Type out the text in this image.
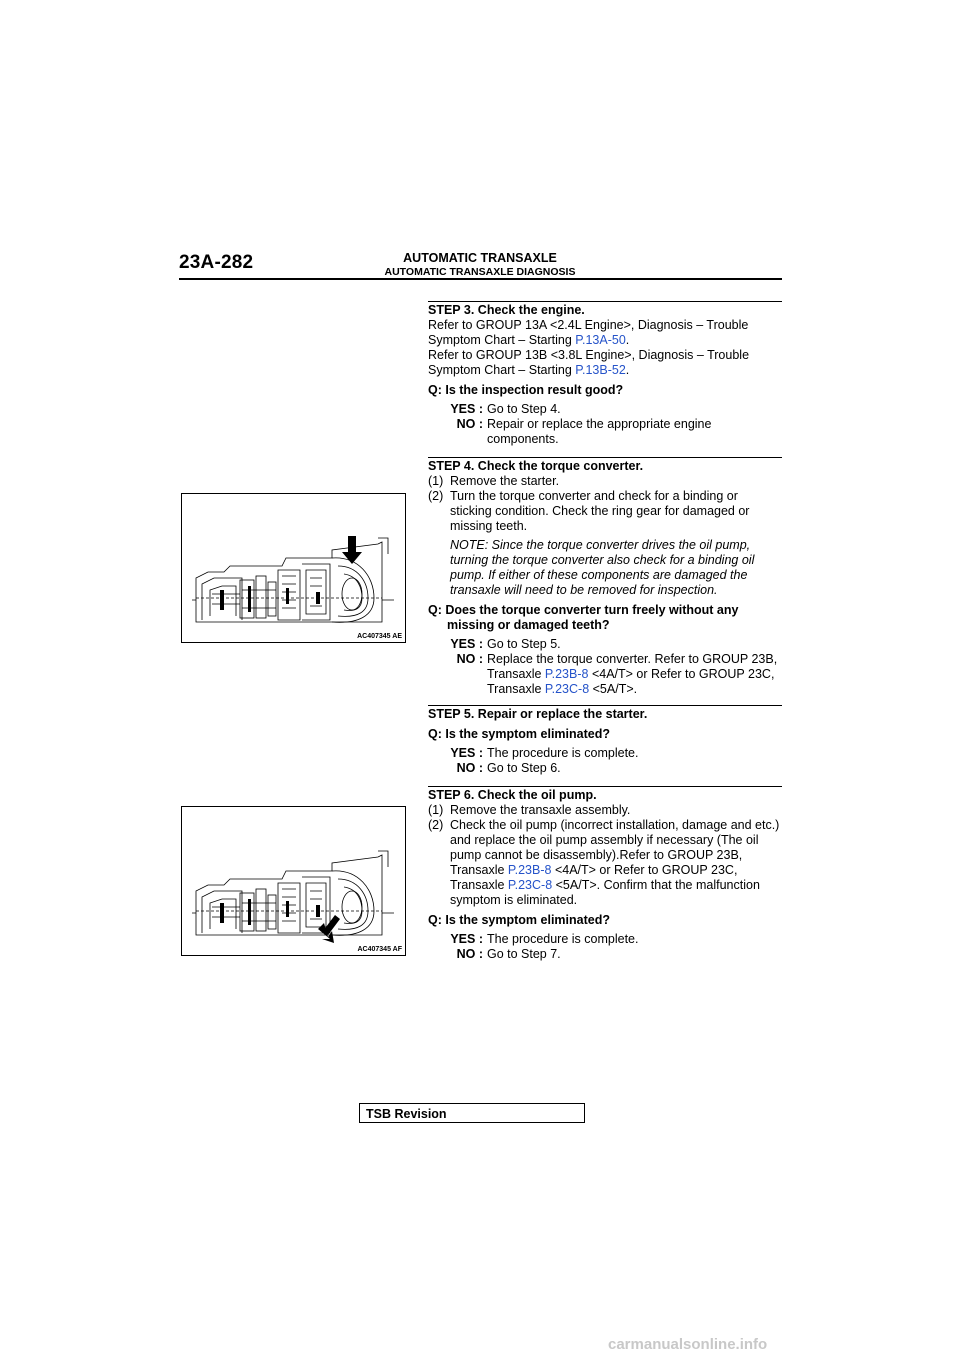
23A-282	AUTOMATIC TRANSAXLE
AUTOMATIC TRANSAXLE DIAGNOSIS
STEP 3. Check the engine.
Refer to GROUP 13A <2.4L Engine>, Diagnosis – Trouble Symptom Chart – Starting P.13A-50.
Refer to GROUP 13B <3.8L Engine>, Diagnosis – Trouble Symptom Chart – Starting P.13B-52.
Q: Is the inspection result good?
YES : Go to Step 4.
NO : Repair or replace the appropriate engine components.
STEP 4. Check the torque converter.
(1) Remove the starter.
(2) Turn the torque converter and check for a binding or sticking condition. Check the ring gear for damaged or missing teeth.
NOTE: Since the torque converter drives the oil pump, turning the torque converter also check for a binding oil pump. If either of these components are damaged the transaxle will need to be removed for inspection.
Q: Does the torque converter turn freely without any missing or damaged teeth?
YES : Go to Step 5.
NO : Replace the torque converter. Refer to GROUP 23B, Transaxle P.23B-8 <4A/T> or Refer to GROUP 23C, Transaxle P.23C-8 <5A/T>.
AC407345 AE
STEP 5. Repair or replace the starter.
Q: Is the symptom eliminated?
YES : The procedure is complete.
NO : Go to Step 6.
STEP 6. Check the oil pump.
(1) Remove the transaxle assembly.
(2) Check the oil pump (incorrect installation, damage and etc.) and replace the oil pump assembly if necessary (The oil pump cannot be disassembly).Refer to GROUP 23B, Transaxle P.23B-8 <4A/T> or Refer to GROUP 23C, Transaxle P.23C-8 <5A/T>. Confirm that the malfunction symptom is eliminated.
Q: Is the symptom eliminated?
YES : The procedure is complete.
NO : Go to Step 7.
AC407345 AF
TSB Revision
carmanualsonline.info
